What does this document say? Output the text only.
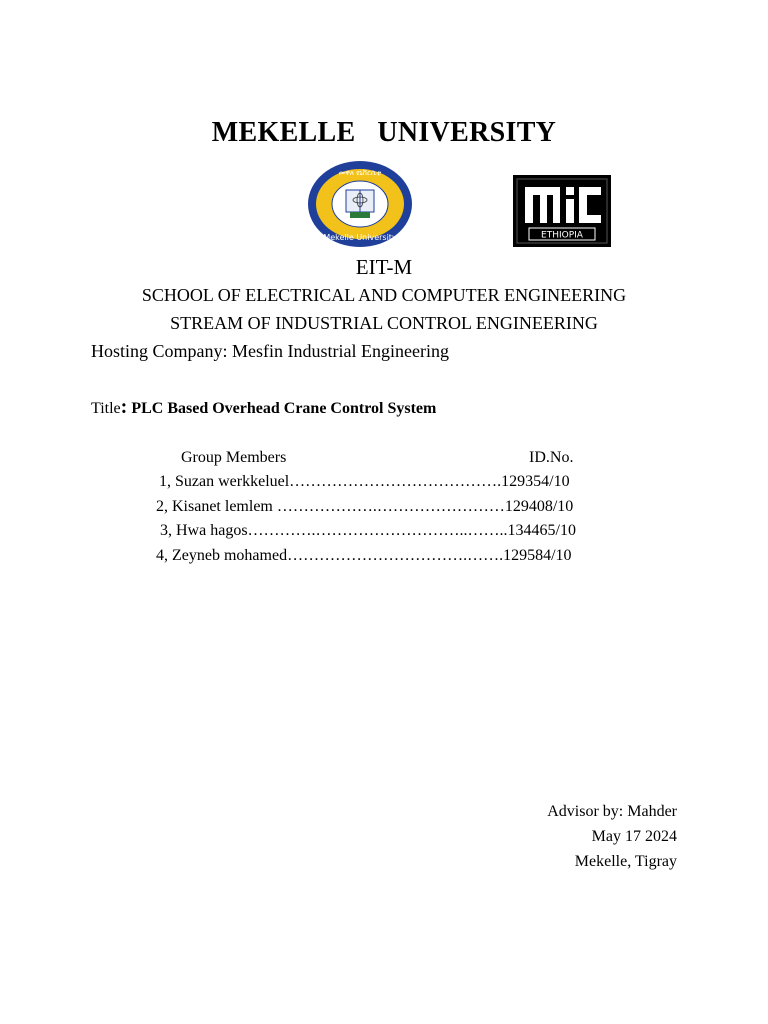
MEKELLE   UNIVERSITY
መቐለ ዩኒቨርሲቲ
Mekelle University	ETHIOPIA
EIT-M
SCHOOL OF ELECTRICAL AND COMPUTER ENGINEERING
STREAM OF INDUSTRIAL CONTROL ENGINEERING
Hosting Company: Mesfin Industrial Engineering
Title: PLC Based Overhead Crane Control System
Group Members	ID.No.
1, Suzan werkkeluel………………………………….129354/10
2, Kisanet lemlem ……………….……………………129408/10
3, Hwa hagos………….………………………..……..134465/10
4, Zeyneb mohamed…………………………….…….129584/10
Advisor by: Mahder
May 17 2024
Mekelle, Tigray
